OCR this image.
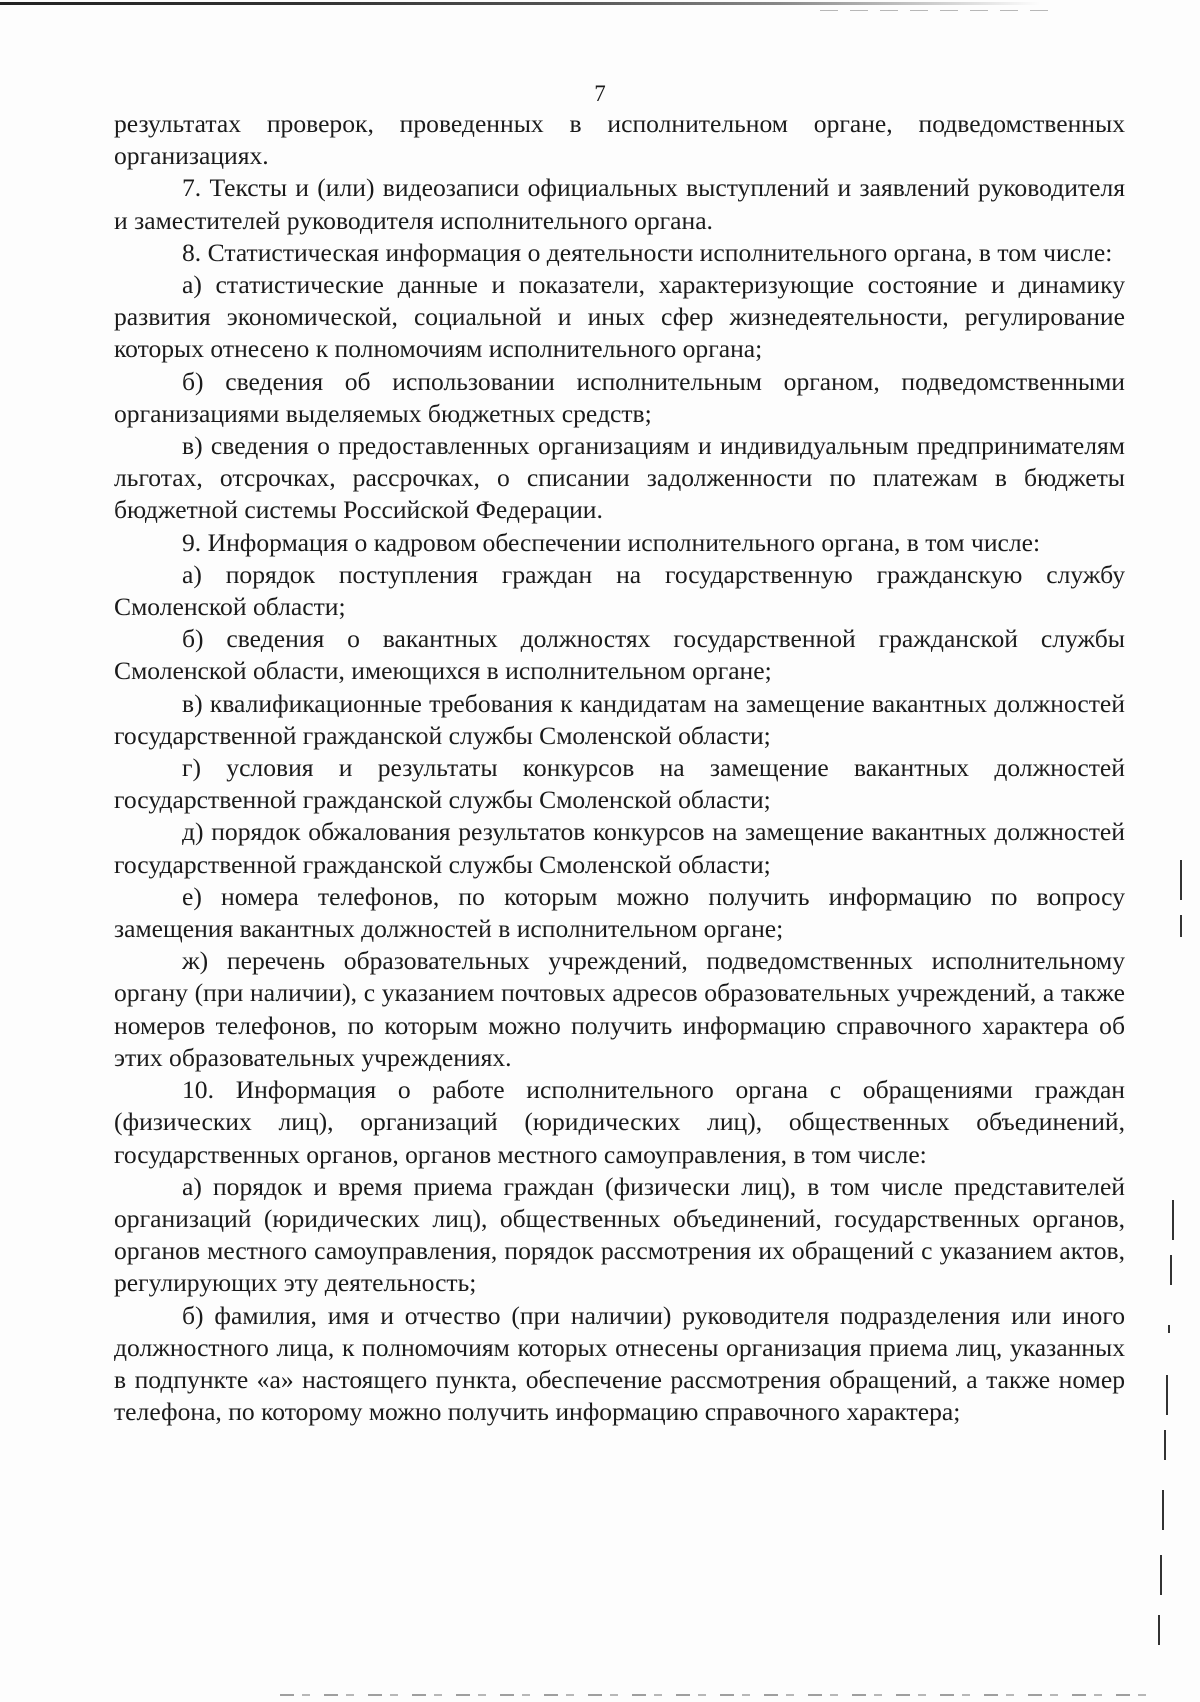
7

результатах проверок, проведенных в исполнительном органе, подведомственных организациях.

7. Тексты и (или) видеозаписи официальных выступлений и заявлений руководителя и заместителей руководителя исполнительного органа.

8. Статистическая информация о деятельности исполнительного органа, в том числе:

а) статистические данные и показатели, характеризующие состояние и динамику развития экономической, социальной и иных сфер жизнедеятельности, регулирование которых отнесено к полномочиям исполнительного органа;

б) сведения об использовании исполнительным органом, подведомственными организациями выделяемых бюджетных средств;

в) сведения о предоставленных организациям и индивидуальным предпринимателям льготах, отсрочках, рассрочках, о списании задолженности по платежам в бюджеты бюджетной системы Российской Федерации.

9. Информация о кадровом обеспечении исполнительного органа, в том числе:

а) порядок поступления граждан на государственную гражданскую службу Смоленской области;

б) сведения о вакантных должностях государственной гражданской службы Смоленской области, имеющихся в исполнительном органе;

в) квалификационные требования к кандидатам на замещение вакантных должностей государственной гражданской службы Смоленской области;

г) условия и результаты конкурсов на замещение вакантных должностей государственной гражданской службы Смоленской области;

д) порядок обжалования результатов конкурсов на замещение вакантных должностей государственной гражданской службы Смоленской области;

е) номера телефонов, по которым можно получить информацию по вопросу замещения вакантных должностей в исполнительном органе;

ж) перечень образовательных учреждений, подведомственных исполнительному органу (при наличии), с указанием почтовых адресов образовательных учреждений, а также номеров телефонов, по которым можно получить информацию справочного характера об этих образовательных учреждениях.

10. Информация о работе исполнительного органа с обращениями граждан (физических лиц), организаций (юридических лиц), общественных объединений, государственных органов, органов местного самоуправления, в том числе:

а) порядок и время приема граждан (физически лиц), в том числе представителей организаций (юридических лиц), общественных объединений, государственных органов, органов местного самоуправления, порядок рассмотрения их обращений с указанием актов, регулирующих эту деятельность;

б) фамилия, имя и отчество (при наличии) руководителя подразделения или иного должностного лица, к полномочиям которых отнесены организация приема лиц, указанных в подпункте «а» настоящего пункта, обеспечение рассмотрения обращений, а также номер телефона, по которому можно получить информацию справочного характера;
